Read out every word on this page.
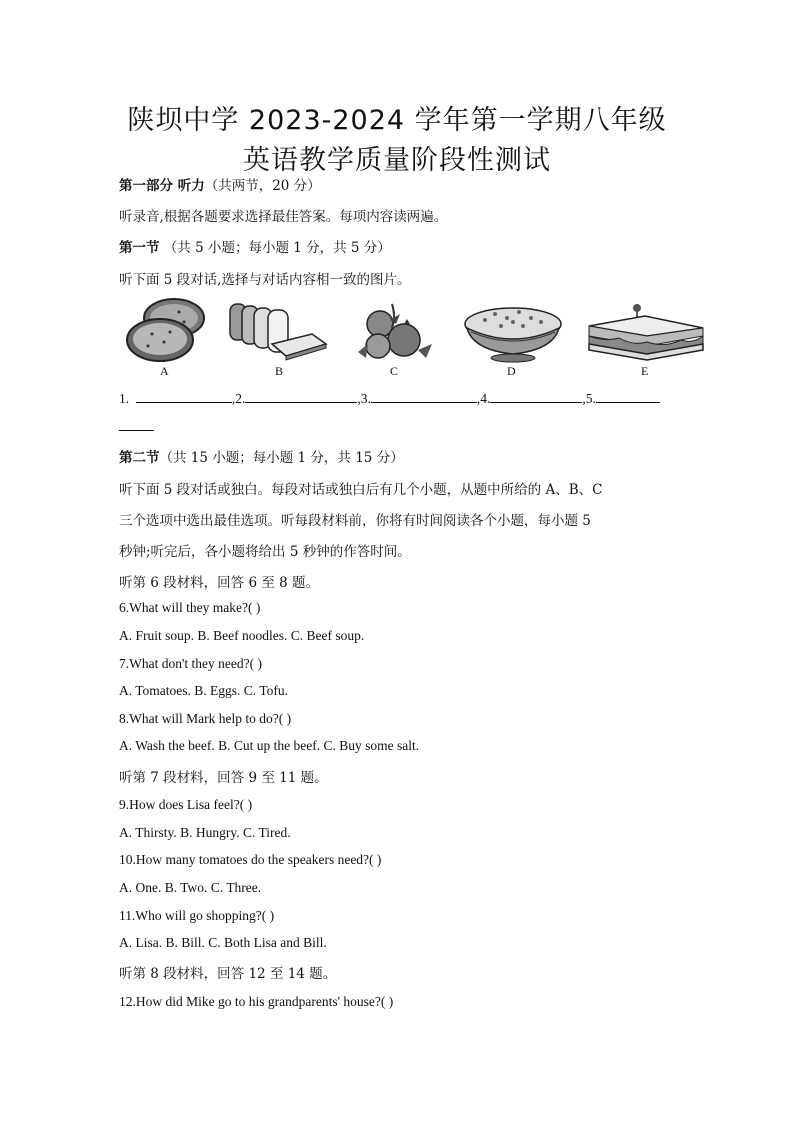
陕坝中学 2023-2024 学年第一学期八年级
英语教学质量阶段性测试
第一部分 听力（共两节，20 分）
听录音,根据各题要求选择最佳答案。每项内容读两遍。
第一节 （共 5 小题；每小题 1 分，共 5 分）
听下面 5 段对话,选择与对话内容相一致的图片。
A	B	C	D	E
1.	,2.	,3.	,4.	,5.
第二节（共 15 小题；每小题 1 分，共 15 分）
听下面 5 段对话或独白。每段对话或独白后有几个小题，从题中所给的 A、B、C
三个选项中选出最佳选项。听每段材料前，你将有时间阅读各个小题，每小题 5
秒钟;听完后，各小题将给出 5 秒钟的作答时间。
听第 6 段材料，回答 6 至 8 题。
6.What will they make?( )
A. Fruit soup. B. Beef noodles. C. Beef soup.
7.What don't they need?( )
A. Tomatoes. B. Eggs. C. Tofu.
8.What will Mark help to do?( )
A. Wash the beef. B. Cut up the beef. C. Buy some salt.
听第 7 段材料，回答 9 至 11 题。
9.How does Lisa feel?( )
A. Thirsty. B. Hungry. C. Tired.
10.How many tomatoes do the speakers need?( )
A. One. B. Two. C. Three.
11.Who will go shopping?( )
A. Lisa. B. Bill. C. Both Lisa and Bill.
听第 8 段材料，回答 12 至 14 题。
12.How did Mike go to his grandparents' house?( )
